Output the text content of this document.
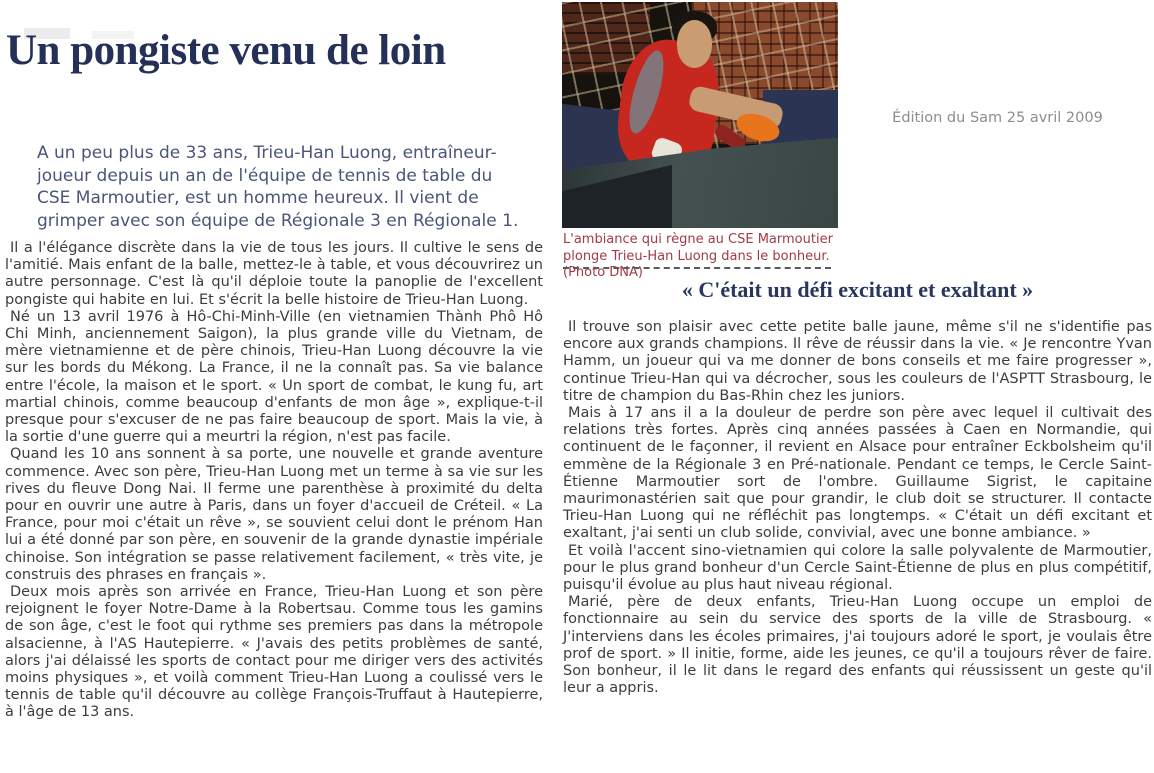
Un pongiste venu de loin

A un peu plus de 33 ans, Trieu-Han Luong, entraîneur-joueur depuis un an de l'équipe de tennis de table du CSE Marmoutier, est un homme heureux. Il vient de grimper avec son équipe de Régionale 3 en Régionale 1.

Il a l'élégance discrète dans la vie de tous les jours. Il cultive le sens de l'amitié. Mais enfant de la balle, mettez-le à table, et vous découvrirez un autre personnage. C'est là qu'il déploie toute la panoplie de l'excellent pongiste qui habite en lui. Et s'écrit la belle histoire de Trieu-Han Luong.

Né un 13 avril 1976 à Hô-Chi-Minh-Ville (en vietnamien Thành Phô Hô Chi Minh, anciennement Saigon), la plus grande ville du Vietnam, de mère vietnamienne et de père chinois, Trieu-Han Luong découvre la vie sur les bords du Mékong. La France, il ne la connaît pas. Sa vie balance entre l'école, la maison et le sport. « Un sport de combat, le kung fu, art martial chinois, comme beaucoup d'enfants de mon âge », explique-t-il presque pour s'excuser de ne pas faire beaucoup de sport. Mais la vie, à la sortie d'une guerre qui a meurtri la région, n'est pas facile.

Quand les 10 ans sonnent à sa porte, une nouvelle et grande aventure commence. Avec son père, Trieu-Han Luong met un terme à sa vie sur les rives du fleuve Dong Nai. Il ferme une parenthèse à proximité du delta pour en ouvrir une autre à Paris, dans un foyer d'accueil de Créteil. « La France, pour moi c'était un rêve », se souvient celui dont le prénom Han lui a été donné par son père, en souvenir de la grande dynastie impériale chinoise. Son intégration se passe relativement facilement, « très vite, je construis des phrases en français ».

Deux mois après son arrivée en France, Trieu-Han Luong et son père rejoignent le foyer Notre-Dame à la Robertsau. Comme tous les gamins de son âge, c'est le foot qui rythme ses premiers pas dans la métropole alsacienne, à l'AS Hautepierre. « J'avais des petits problèmes de santé, alors j'ai délaissé les sports de contact pour me diriger vers des activités moins physiques », et voilà comment Trieu-Han Luong a coulissé vers le tennis de table qu'il découvre au collège François-Truffaut à Hautepierre, à l'âge de 13 ans.

Édition du Sam 25 avril 2009

L'ambiance qui règne au CSE Marmoutier plonge Trieu-Han Luong dans le bonheur. (Photo DNA)

« C'était un défi excitant et exaltant »

Il trouve son plaisir avec cette petite balle jaune, même s'il ne s'identifie pas encore aux grands champions. Il rêve de réussir dans la vie. « Je rencontre Yvan Hamm, un joueur qui va me donner de bons conseils et me faire progresser », continue Trieu-Han qui va décrocher, sous les couleurs de l'ASPTT Strasbourg, le titre de champion du Bas-Rhin chez les juniors.

Mais à 17 ans il a la douleur de perdre son père avec lequel il cultivait des relations très fortes. Après cinq années passées à Caen en Normandie, qui continuent de le façonner, il revient en Alsace pour entraîner Eckbolsheim qu'il emmène de la Régionale 3 en Pré-nationale. Pendant ce temps, le Cercle Saint-Étienne Marmoutier sort de l'ombre. Guillaume Sigrist, le capitaine maurimonastérien sait que pour grandir, le club doit se structurer. Il contacte Trieu-Han Luong qui ne réfléchit pas longtemps. « C'était un défi excitant et exaltant, j'ai senti un club solide, convivial, avec une bonne ambiance. »

Et voilà l'accent sino-vietnamien qui colore la salle polyvalente de Marmoutier, pour le plus grand bonheur d'un Cercle Saint-Étienne de plus en plus compétitif, puisqu'il évolue au plus haut niveau régional.

Marié, père de deux enfants, Trieu-Han Luong occupe un emploi de fonctionnaire au sein du service des sports de la ville de Strasbourg. « J'interviens dans les écoles primaires, j'ai toujours adoré le sport, je voulais être prof de sport. » Il initie, forme, aide les jeunes, ce qu'il a toujours rêver de faire. Son bonheur, il le lit dans le regard des enfants qui réussissent un geste qu'il leur a appris.
